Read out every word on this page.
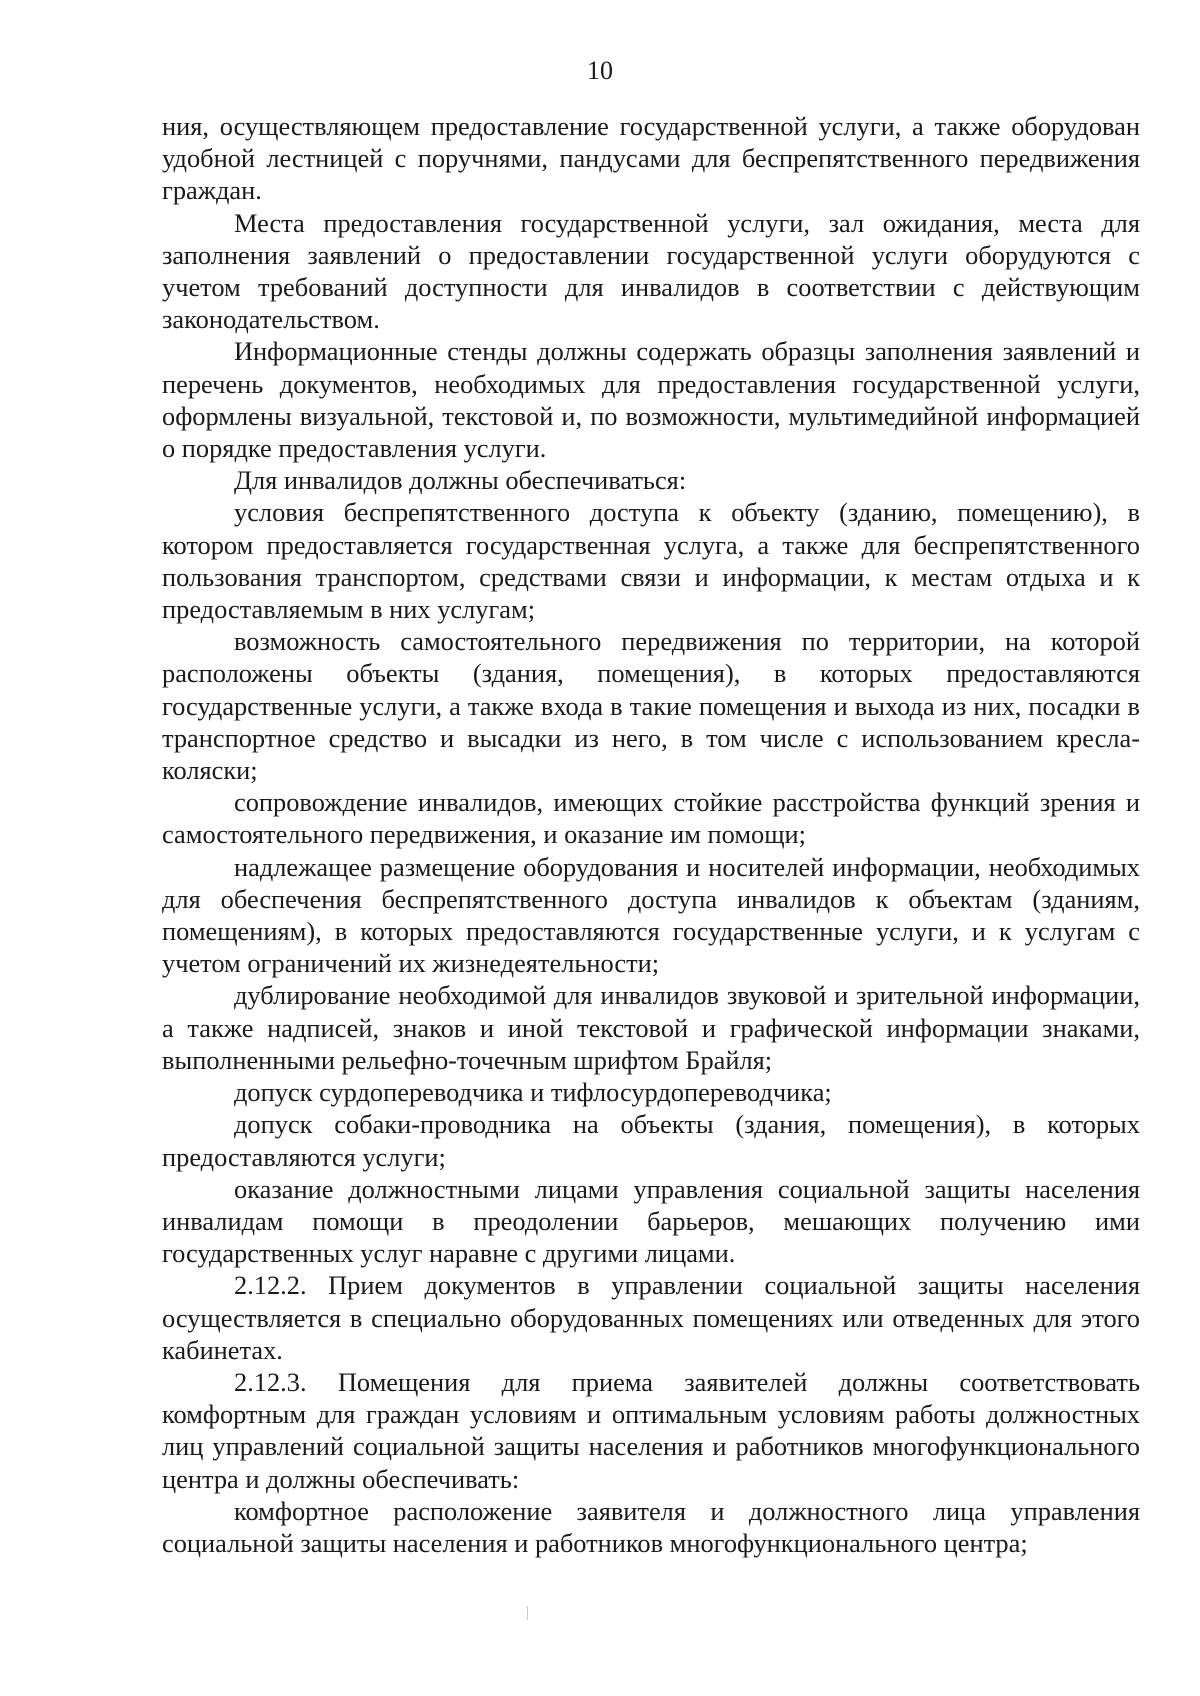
10

ния, осуществляющем предоставление государственной услуги, а также оборудован удобной лестницей с поручнями, пандусами для беспрепятственного передвижения граждан.

Места предоставления государственной услуги, зал ожидания, места для заполнения заявлений о предоставлении государственной услуги оборудуются с учетом требований доступности для инвалидов в соответствии с действующим законодательством.

Информационные стенды должны содержать образцы заполнения заявлений и перечень документов, необходимых для предоставления государственной услуги, оформлены визуальной, текстовой и, по возможности, мультимедийной информацией о порядке предоставления услуги.

Для инвалидов должны обеспечиваться:

условия беспрепятственного доступа к объекту (зданию, помещению), в котором предоставляется государственная услуга, а также для беспрепятственного пользования транспортом, средствами связи и информации, к местам отдыха и к предоставляемым в них услугам;

возможность самостоятельного передвижения по территории, на которой расположены объекты (здания, помещения), в которых предоставляются государственные услуги, а также входа в такие помещения и выхода из них, посадки в транспортное средство и высадки из него, в том числе с использованием кресла-коляски;

сопровождение инвалидов, имеющих стойкие расстройства функций зрения и самостоятельного передвижения, и оказание им помощи;

надлежащее размещение оборудования и носителей информации, необходимых для обеспечения беспрепятственного доступа инвалидов к объектам (зданиям, помещениям), в которых предоставляются государственные услуги, и к услугам с учетом ограничений их жизнедеятельности;

дублирование необходимой для инвалидов звуковой и зрительной информации, а также надписей, знаков и иной текстовой и графической информации знаками, выполненными рельефно-точечным шрифтом Брайля;

допуск сурдопереводчика и тифлосурдопереводчика;

допуск собаки-проводника на объекты (здания, помещения), в которых предоставляются услуги;

оказание должностными лицами управления социальной защиты населения инвалидам помощи в преодолении барьеров, мешающих получению ими государственных услуг наравне с другими лицами.

2.12.2. Прием документов в управлении социальной защиты населения осуществляется в специально оборудованных помещениях или отведенных для этого кабинетах.

2.12.3. Помещения для приема заявителей должны соответствовать комфортным для граждан условиям и оптимальным условиям работы должностных лиц управлений социальной защиты населения и работников многофункционального центра и должны обеспечивать:

комфортное расположение заявителя и должностного лица управления социальной защиты населения и работников многофункционального центра;
